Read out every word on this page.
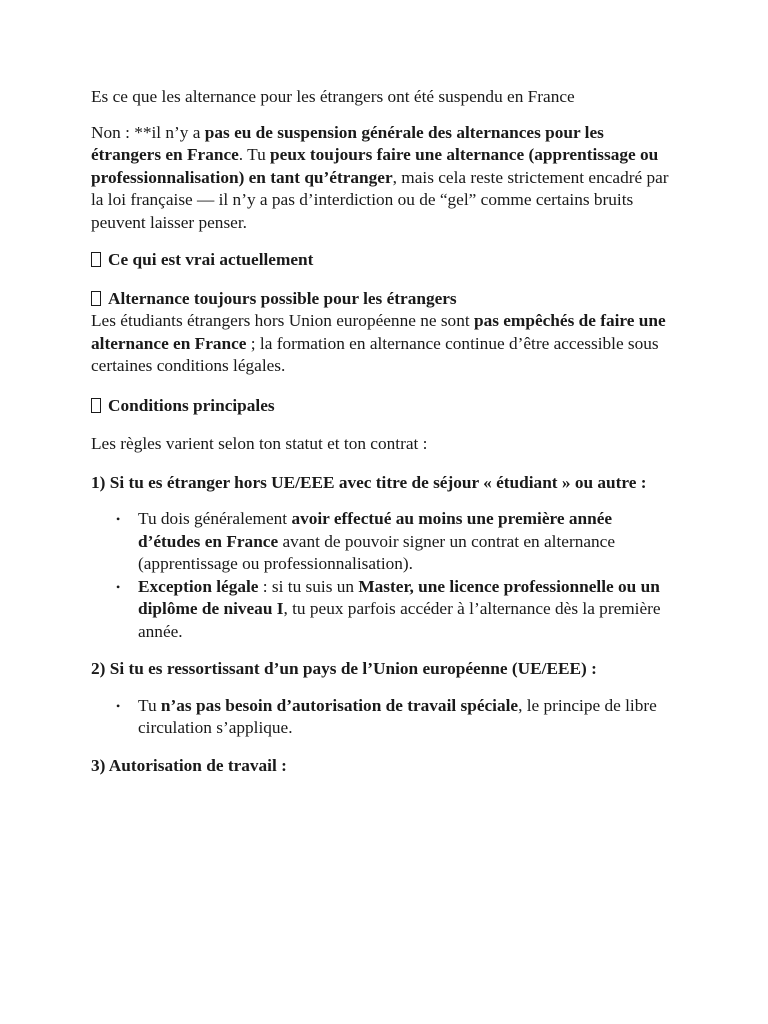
Es ce que les alternance pour les étrangers ont été suspendu en France

Non : **il n’y a pas eu de suspension générale des alternances pour les étrangers en France. Tu peux toujours faire une alternance (apprentissage ou professionnalisation) en tant qu’étranger, mais cela reste strictement encadré par la loi française — il n’y a pas d’interdiction ou de “gel” comme certains bruits peuvent laisser penser.

Ce qui est vrai actuellement

Alternance toujours possible pour les étrangers

Les étudiants étrangers hors Union européenne ne sont pas empêchés de faire une alternance en France ; la formation en alternance continue d’être accessible sous certaines conditions légales.

Conditions principales

Les règles varient selon ton statut et ton contrat :

1) Si tu es étranger hors UE/EEE avec titre de séjour « étudiant » ou autre :

• Tu dois généralement avoir effectué au moins une première année d’études en France avant de pouvoir signer un contrat en alternance (apprentissage ou professionnalisation).
• Exception légale : si tu suis un Master, une licence professionnelle ou un diplôme de niveau I, tu peux parfois accéder à l’alternance dès la première année.

2) Si tu es ressortissant d’un pays de l’Union européenne (UE/EEE) :

• Tu n’as pas besoin d’autorisation de travail spéciale, le principe de libre circulation s’applique.

3) Autorisation de travail :
